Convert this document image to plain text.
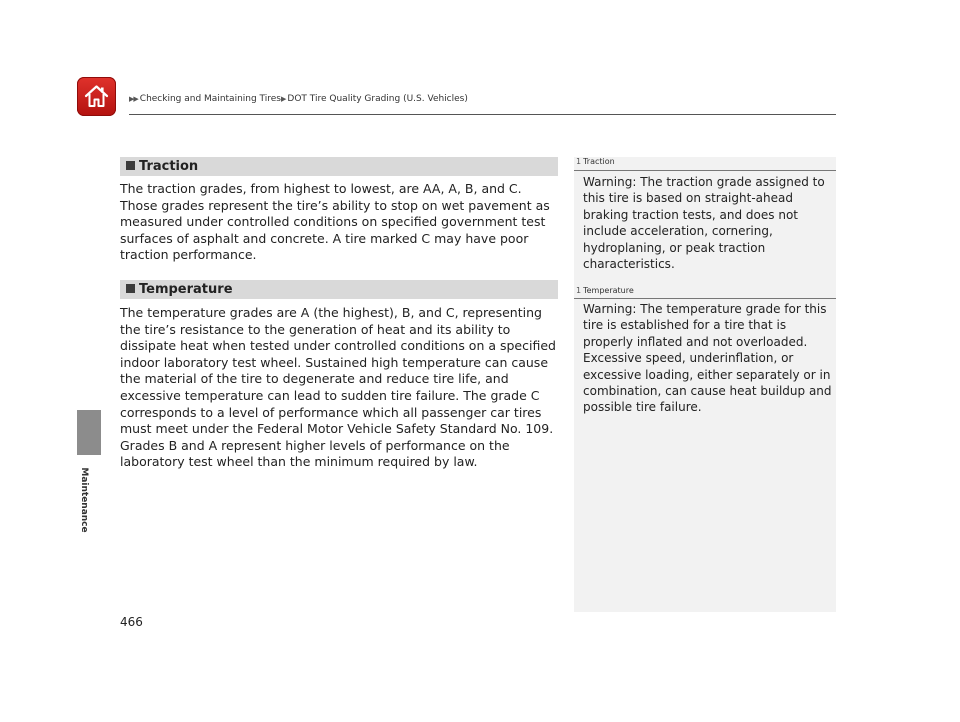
▶▶Checking and Maintaining Tires▶DOT Tire Quality Grading (U.S. Vehicles)
Maintenance
Traction

The traction grades, from highest to lowest, are AA, A, B, and C. Those grades represent the tire’s ability to stop on wet pavement as measured under controlled conditions on specified government test surfaces of asphalt and concrete. A tire marked C may have poor traction performance.

Temperature

The temperature grades are A (the highest), B, and C, representing the tire’s resistance to the generation of heat and its ability to dissipate heat when tested under controlled conditions on a specified indoor laboratory test wheel. Sustained high temperature can cause the material of the tire to degenerate and reduce tire life, and excessive temperature can lead to sudden tire failure. The grade C corresponds to a level of performance which all passenger car tires must meet under the Federal Motor Vehicle Safety Standard No. 109. Grades B and A represent higher levels of performance on the laboratory test wheel than the minimum required by law.

1 Traction

Warning: The traction grade assigned to this tire is based on straight-ahead braking traction tests, and does not include acceleration, cornering, hydroplaning, or peak traction characteristics.

1 Temperature

Warning: The temperature grade for this tire is established for a tire that is properly inflated and not overloaded. Excessive speed, underinflation, or excessive loading, either separately or in combination, can cause heat buildup and possible tire failure.

466
